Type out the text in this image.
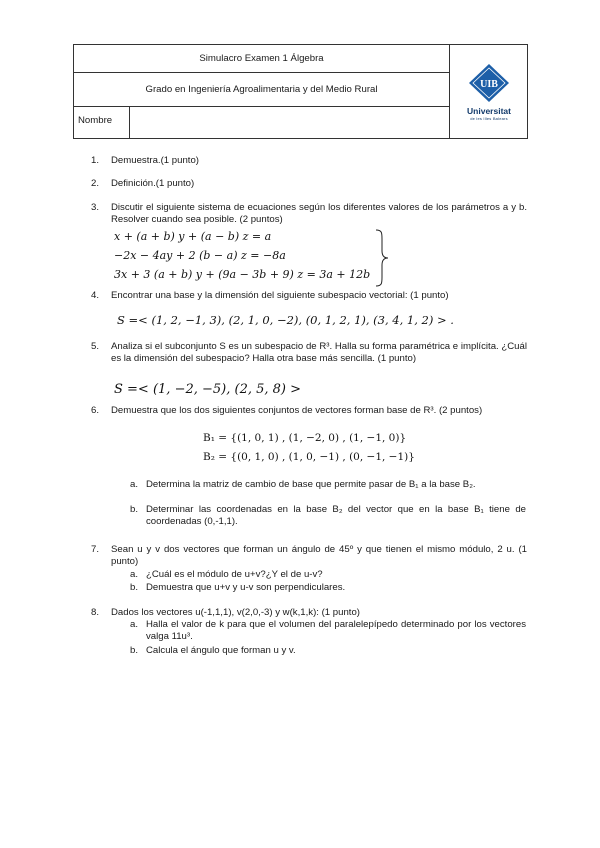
Simulacro Examen 1 Álgebra
Grado en Ingeniería Agroalimentaria y del Medio Rural
Nombre
UIB
Universitat
de les Illes Balears
1.	Demuestra.(1 punto)
2.	Definición.(1 punto)
3.	Discutir el siguiente sistema de ecuaciones según los diferentes valores de los parámetros a y b. Resolver cuando sea posible. (2 puntos)
x + (a + b) y + (a − b) z = a
−2x − 4ay + 2 (b − a) z = −8a
3x + 3 (a + b) y + (9a − 3b + 9) z = 3a + 12b
4.	Encontrar una base y la dimensión del siguiente subespacio vectorial: (1 punto)
S =< (1, 2, −1, 3), (2, 1, 0, −2), (0, 1, 2, 1), (3, 4, 1, 2) > .
5.	Analiza si el subconjunto S es un subespacio de R³. Halla su forma paramétrica e implícita. ¿Cuál es la dimensión del subespacio? Halla otra base más sencilla. (1 punto)
S =< (1, −2, −5), (2, 5, 8) >
6.	Demuestra que los dos siguientes conjuntos de vectores forman base de R³. (2 puntos)
B₁ = {(1, 0, 1) , (1, −2, 0) , (1, −1, 0)}
B₂ = {(0, 1, 0) , (1, 0, −1) , (0, −1, −1)}
a. Determina la matriz de cambio de base que permite pasar de B₁ a la base B₂.
b. Determinar las coordenadas en la base B₂ del vector que en la base B₁ tiene de coordenadas (0,-1,1).
7.	Sean u y v dos vectores que forman un ángulo de 45º y que tienen el mismo módulo, 2 u. (1 punto)
a. ¿Cuál es el módulo de u+v?¿Y el de u-v?
b. Demuestra que u+v y u-v son perpendiculares.
8.	Dados los vectores u(-1,1,1), v(2,0,-3) y w(k,1,k): (1 punto)
a. Halla el valor de k para que el volumen del paralelepípedo determinado por los vectores valga 11u³.
b. Calcula el ángulo que forman u y v.
